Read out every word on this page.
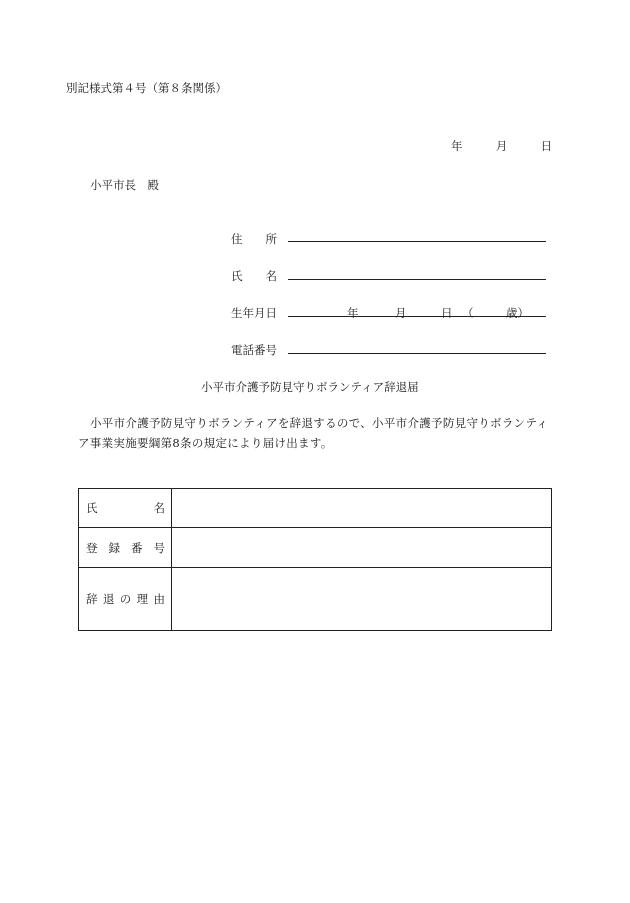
別記様式第４号（第８条関係）
年	月	日
小平市長　殿
住 所
氏 名
生年月日	年	月	日 （	歳）
電話番号
小平市介護予防見守りボランティア辞退届
小平市介護予防見守りボランティアを辞退するので、小平市介護予防見守りボランティア事業実施要綱第8条の規定により届け出ます。
氏 名	

登 録 番 号	

辞 退 の 理 由	
